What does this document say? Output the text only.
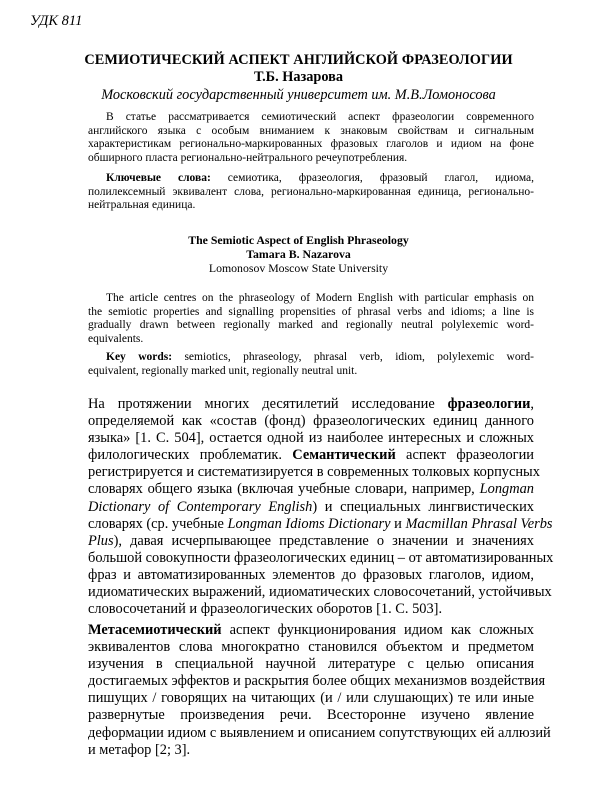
УДК 811
СЕМИОТИЧЕСКИЙ АСПЕКТ АНГЛИЙСКОЙ ФРАЗЕОЛОГИИ
Т.Б. Назарова
Московский государственный университет им. М.В.Ломоносова
В статье рассматривается семиотический аспект фразеологии современного
английского языка с особым вниманием к знаковым свойствам и сигнальным
характеристикам регионально-маркированных фразовых глаголов и идиом на фоне
обширного пласта регионально-нейтрального речеупотребления.
Ключевые слова: семиотика, фразеология, фразовый глагол, идиома,
полилексемный эквивалент слова, регионально-маркированная единица, регионально-
нейтральная единица.
The Semiotic Aspect of English Phraseology
Tamara B. Nazarova
Lomonosov Moscow State University
The article centres on the phraseology of Modern English with particular emphasis on
the semiotic properties and signalling propensities of phrasal verbs and idioms; a line is
gradually drawn between regionally marked and regionally neutral polylexemic word-
equivalents.
Key words: semiotics, phraseology, phrasal verb, idiom, polylexemic word-
equivalent, regionally marked unit, regionally neutral unit.
На протяжении многих десятилетий исследование фразеологии,
определяемой как «состав (фонд) фразеологических единиц данного
языка» [1. С. 504], остается одной из наиболее интересных и сложных
филологических проблематик. Семантический аспект фразеологии
регистрируется и систематизируется в современных толковых корпусных
словарях общего языка (включая учебные словари, например, Longman
Dictionary of Contemporary English) и специальных лингвистических
словарях (ср. учебные Longman Idioms Dictionary и Macmillan Phrasal Verbs
Plus), давая исчерпывающее представление о значении и значениях
большой совокупности фразеологических единиц – от автоматизированных
фраз и автоматизированных элементов до фразовых глаголов, идиом,
идиоматических выражений, идиоматических словосочетаний, устойчивых
словосочетаний и фразеологических оборотов [1. С. 503].
Метасемиотический аспект функционирования идиом как сложных
эквивалентов слова многократно становился объектом и предметом
изучения в специальной научной литературе с целью описания
достигаемых эффектов и раскрытия более общих механизмов воздействия
пишущих / говорящих на читающих (и / или слушающих) те или иные
развернутые произведения речи. Всесторонне изучено явление
деформации идиом с выявлением и описанием сопутствующих ей аллюзий
и метафор [2; 3].
